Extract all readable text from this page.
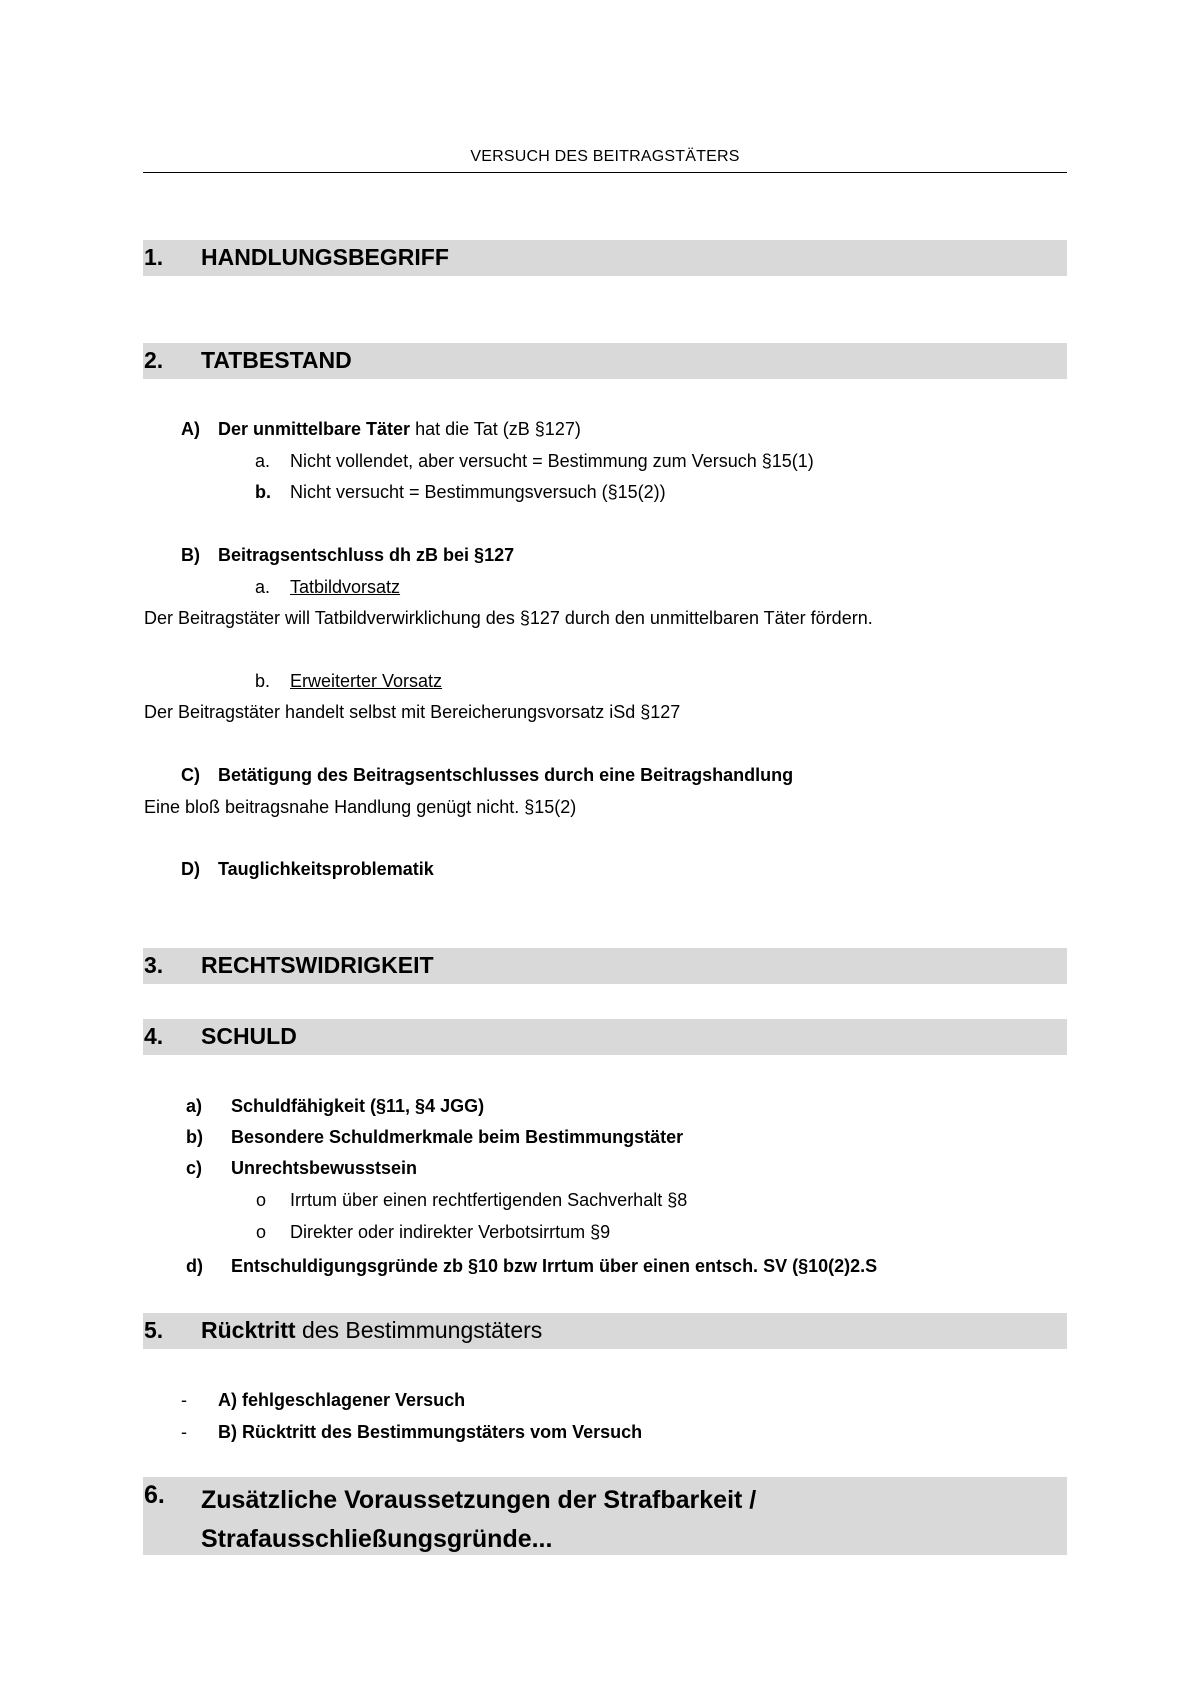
VERSUCH DES BEITRAGSTÄTERS
1. HANDLUNGSBEGRIFF
2. TATBESTAND
A) Der unmittelbare Täter hat die Tat (zB §127)
a. Nicht vollendet, aber versucht = Bestimmung zum Versuch §15(1)
b. Nicht versucht = Bestimmungsversuch (§15(2))
B) Beitragsentschluss dh zB bei §127
a. Tatbildvorsatz
Der Beitragstäter will Tatbildverwirklichung des §127 durch den unmittelbaren Täter fördern.
b. Erweiterter Vorsatz
Der Beitragstäter handelt selbst mit Bereicherungsvorsatz iSd §127
C) Betätigung des Beitragsentschlusses durch eine Beitragshandlung
Eine bloß beitragsnahe Handlung genügt nicht. §15(2)
D) Tauglichkeitsproblematik
3. RECHTSWIDRIGKEIT
4. SCHULD
a) Schuldfähigkeit (§11, §4 JGG)
b) Besondere Schuldmerkmale beim Bestimmungstäter
c) Unrechtsbewusstsein
o Irrtum über einen rechtfertigenden Sachverhalt §8
o Direkter oder indirekter Verbotsirrtum §9
d) Entschuldigungsgründe zb §10 bzw Irrtum über einen entsch. SV (§10(2)2.S
5. Rücktritt des Bestimmungstäters
- A) fehlgeschlagener Versuch
- B) Rücktritt des Bestimmungstäters vom Versuch
6. Zusätzliche Voraussetzungen der Strafbarkeit / Strafausschließungsgründe...
